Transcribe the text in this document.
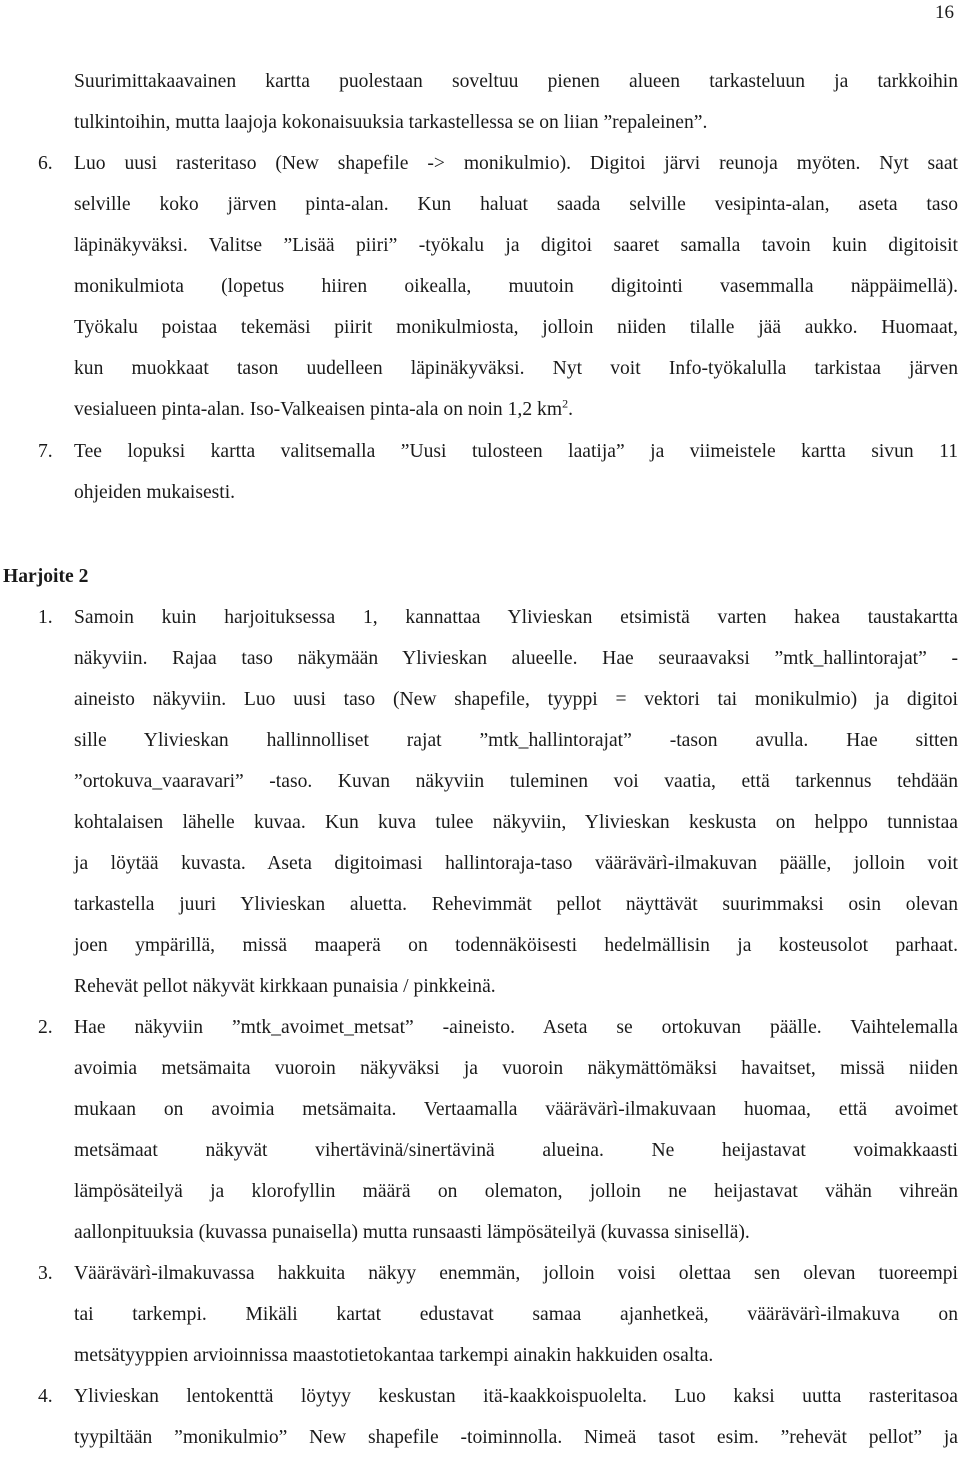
16
Suurimittakaavainen kartta puolestaan soveltuu pienen alueen tarkasteluun ja tarkkoihin
tulkintoihin, mutta laajoja kokonaisuuksia tarkastellessa se on liian ”repaleinen”.
6. Luo uusi rasteritaso (New shapefile -> monikulmio). Digitoi järvi reunoja myöten. Nyt saat
selville koko järven pinta-alan. Kun haluat saada selville vesipinta-alan, aseta taso
läpinäkyväksi. Valitse ”Lisää piiri” -työkalu ja digitoi saaret samalla tavoin kuin digitoisit
monikulmiota (lopetus hiiren oikealla, muutoin digitointi vasemmalla näppäimellä).
Työkalu poistaa tekemäsi piirit monikulmiosta, jolloin niiden tilalle jää aukko. Huomaat,
kun muokkaat tason uudelleen läpinäkyväksi. Nyt voit Info-työkalulla tarkistaa järven
vesialueen pinta-alan. Iso-Valkeaisen pinta-ala on noin 1,2 $km^2$.
7. Tee lopuksi kartta valitsemalla ”Uusi tulosteen laatija” ja viimeistele kartta sivun 11
ohjeiden mukaisesti.
Harjoite 2
1. Samoin kuin harjoituksessa 1, kannattaa Ylivieskan etsimistä varten hakea taustakartta
näkyviin. Rajaa taso näkymään Ylivieskan alueelle. Hae seuraavaksi ”mtk_hallintorajat” -
aineisto näkyviin. Luo uusi taso (New shapefile, tyyppi = vektori tai monikulmio) ja digitoi
sille Ylivieskan hallinnolliset rajat ”mtk_hallintorajat” -tason avulla. Hae sitten
”ortokuva_vaaravari” -taso. Kuvan näkyviin tuleminen voi vaatia, että tarkennus tehdään
kohtalaisen lähelle kuvaa. Kun kuva tulee näkyviin, Ylivieskan keskusta on helppo tunnistaa
ja löytää kuvasta. Aseta digitoimasi hallintoraja-taso väärävärì-ilmakuvan päälle, jolloin voit
tarkastella juuri Ylivieskan aluetta. Rehevimmät pellot näyttävät suurimmaksi osin olevan
joen ympärillä, missä maaperä on todennäköisesti hedelmällisin ja kosteusolot parhaat.
Rehevät pellot näkyvät kirkkaan punaisia / pinkkeinä.
2. Hae näkyviin ”mtk_avoimet_metsat” -aineisto. Aseta se ortokuvan päälle. Vaihtelemalla
avoimia metsämaita vuoroin näkyväksi ja vuoroin näkymättömäksi havaitset, missä niiden
mukaan on avoimia metsämaita. Vertaamalla väärävärì-ilmakuvaan huomaa, että avoimet
metsämaat näkyvät vihertävinä/sinertävinä alueina. Ne heijastavat voimakkaasti
lämpösäteilyä ja klorofyllin määrä on olematon, jolloin ne heijastavat vähän vihreän
aallonpituuksia (kuvassa punaisella) mutta runsaasti lämpösäteilyä (kuvassa sinisellä).
3. Väärävärì-ilmakuvassa hakkuita näkyy enemmän, jolloin voisi olettaa sen olevan tuoreempi
tai tarkempi. Mikäli kartat edustavat samaa ajanhetkeä, väärävärì-ilmakuva on
metsätyyppien arvioinnissa maastotietokantaa tarkempi ainakin hakkuiden osalta.
4. Ylivieskan lentokenttä löytyy keskustan itä-kaakkoispuolelta. Luo kaksi uutta rasteritasoa
tyypiltään ”monikulmio” New shapefile -toiminnolla. Nimeä tasot esim. ”rehevät pellot” ja
